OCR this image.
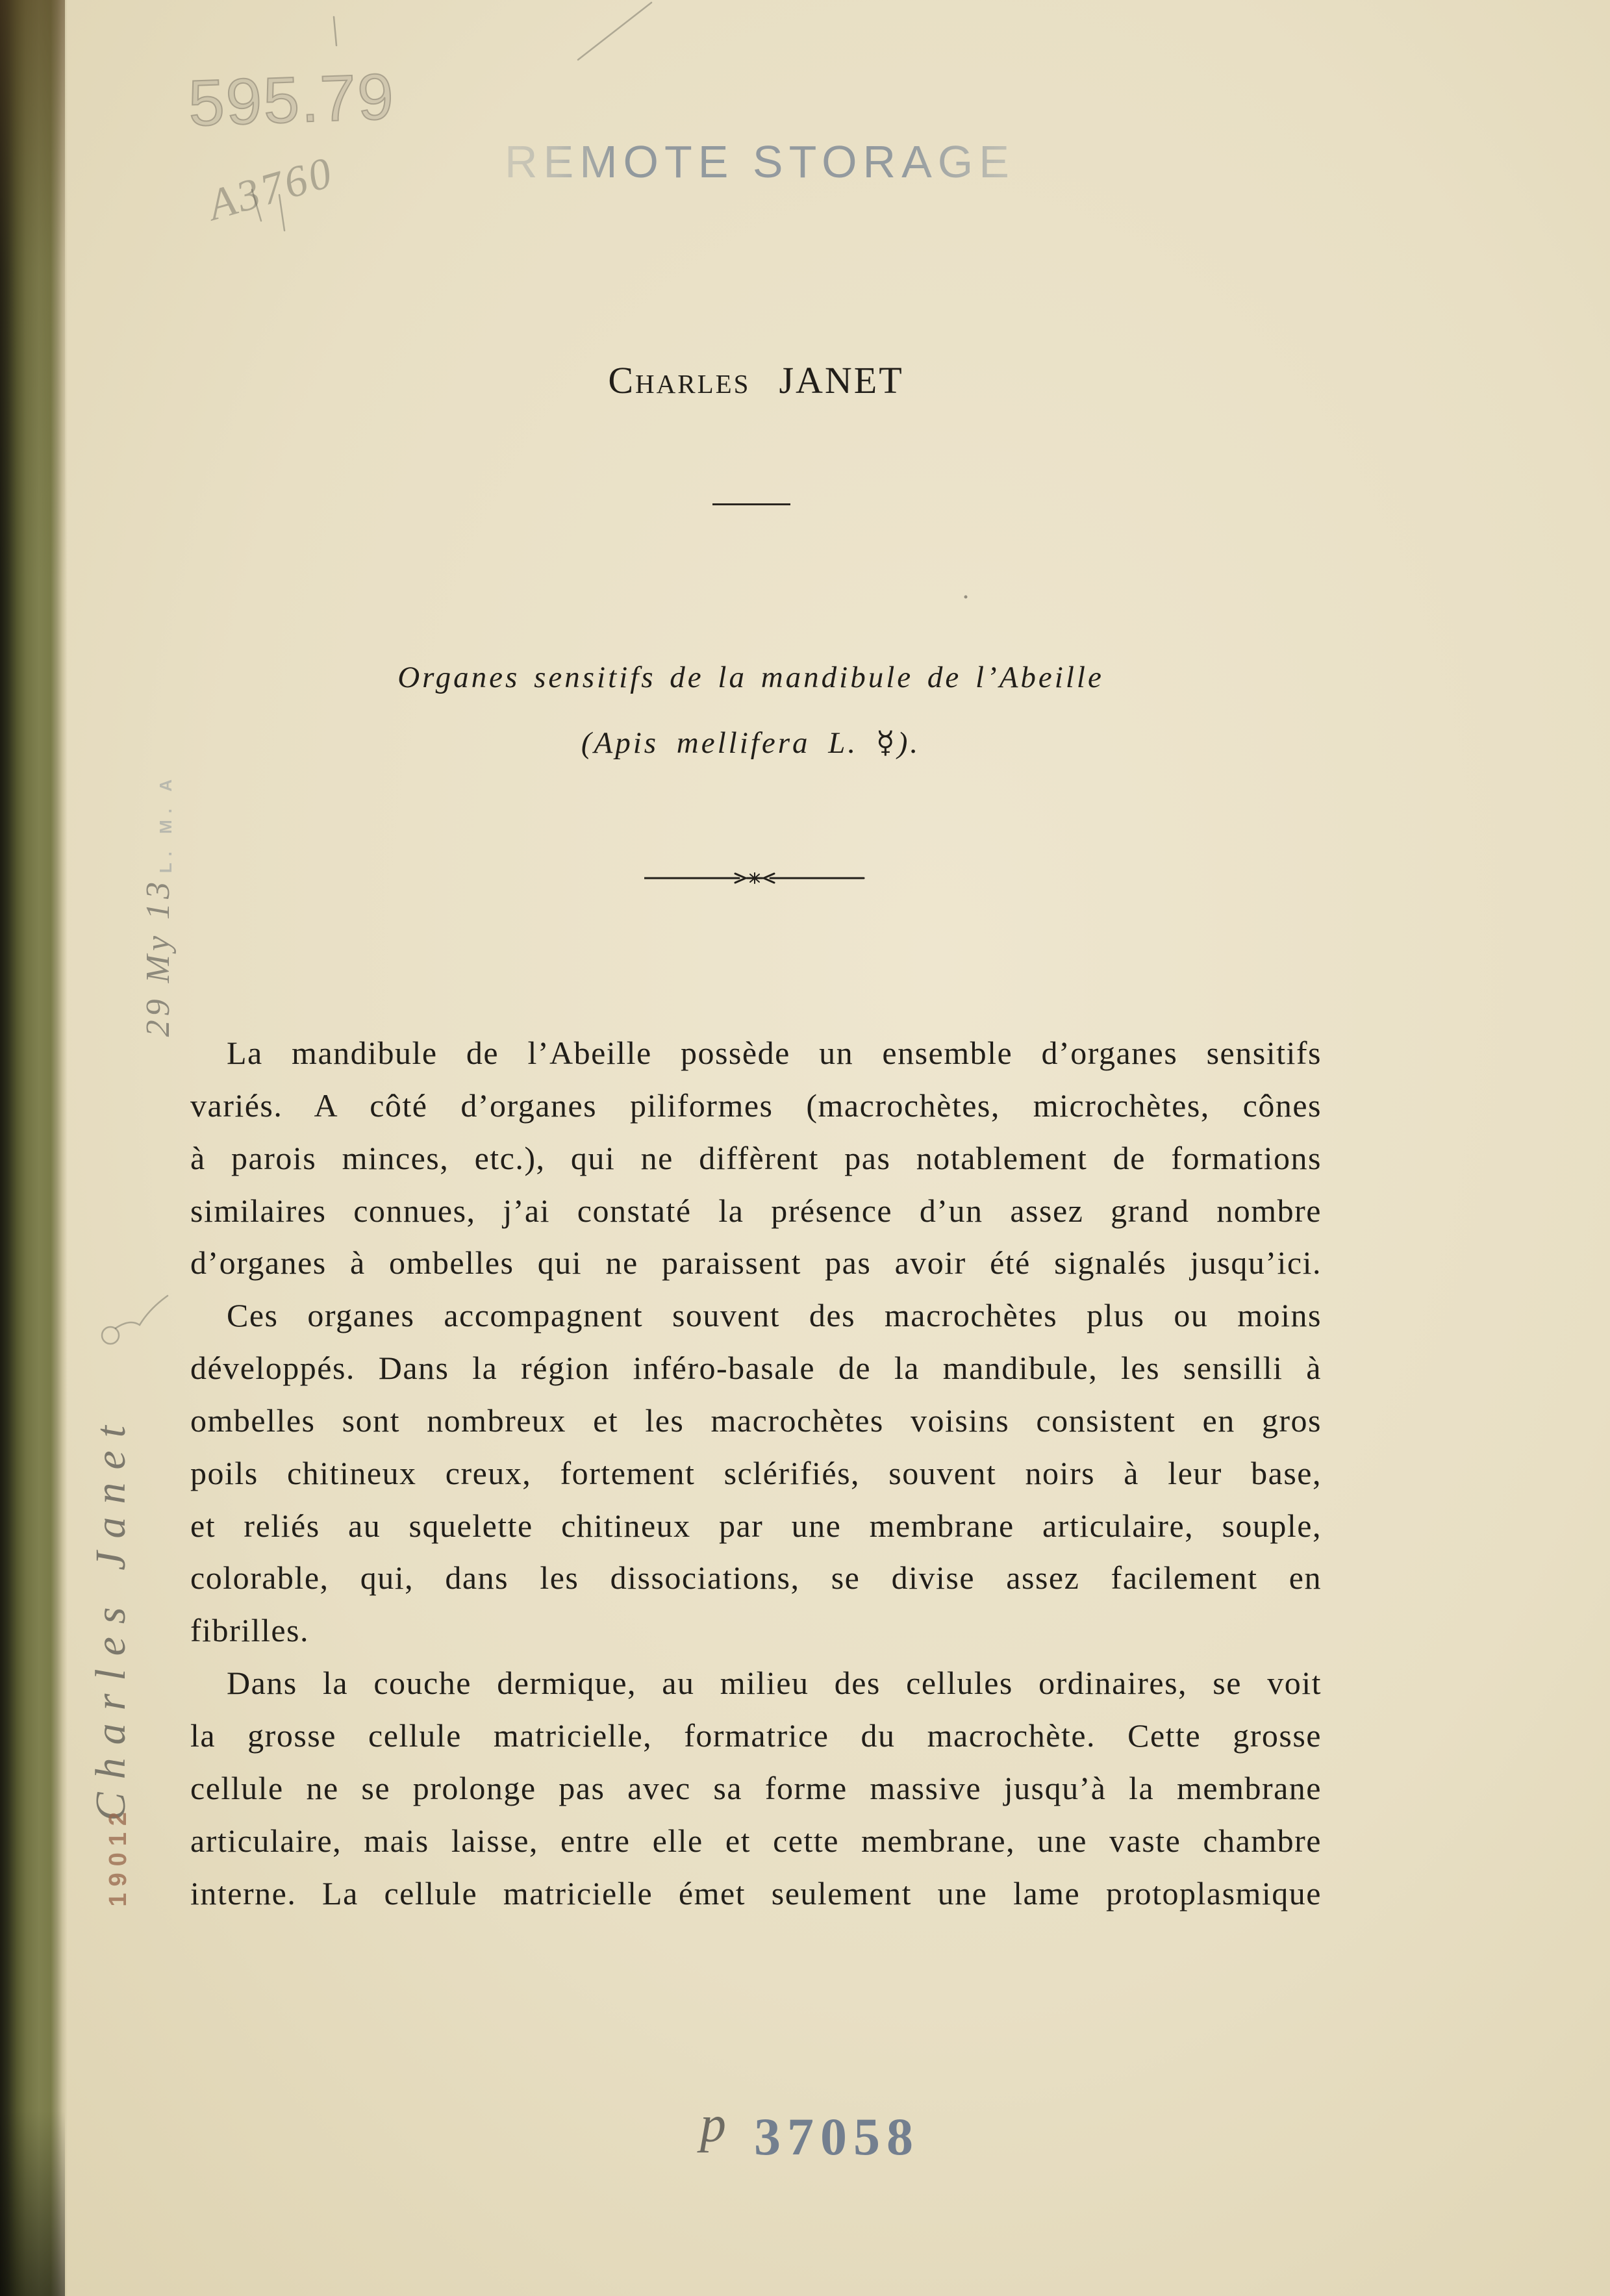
595.79
A3760	REMOTE STORAGE
L. M. A
29 My 13
Charles Janet
19012
Charles JANET
Organes sensitifs de la mandibule de l’Abeille
(Apis mellifera L. ☿).
La mandibule de l’Abeille possède un ensemble d’organes sensitifs
variés. A côté d’organes piliformes (macrochètes, microchètes, cônes
à parois minces, etc.), qui ne diffèrent pas notablement de formations
similaires connues, j’ai constaté la présence d’un assez grand nombre
d’organes à ombelles qui ne paraissent pas avoir été signalés jusqu’ici.
Ces organes accompagnent souvent des macrochètes plus ou moins
développés. Dans la région inféro-basale de la mandibule, les sensilli à
ombelles sont nombreux et les macrochètes voisins consistent en gros
poils chitineux creux, fortement sclérifiés, souvent noirs à leur base,
et reliés au squelette chitineux par une membrane articulaire, souple,
colorable, qui, dans les dissociations, se divise assez facilement en
fibrilles.
Dans la couche dermique, au milieu des cellules ordinaires, se voit
la grosse cellule matricielle, formatrice du macrochète. Cette grosse
cellule ne se prolonge pas avec sa forme massive jusqu’à la membrane
articulaire, mais laisse, entre elle et cette membrane, une vaste chambre
interne. La cellule matricielle émet seulement une lame protoplasmique
p 37058
